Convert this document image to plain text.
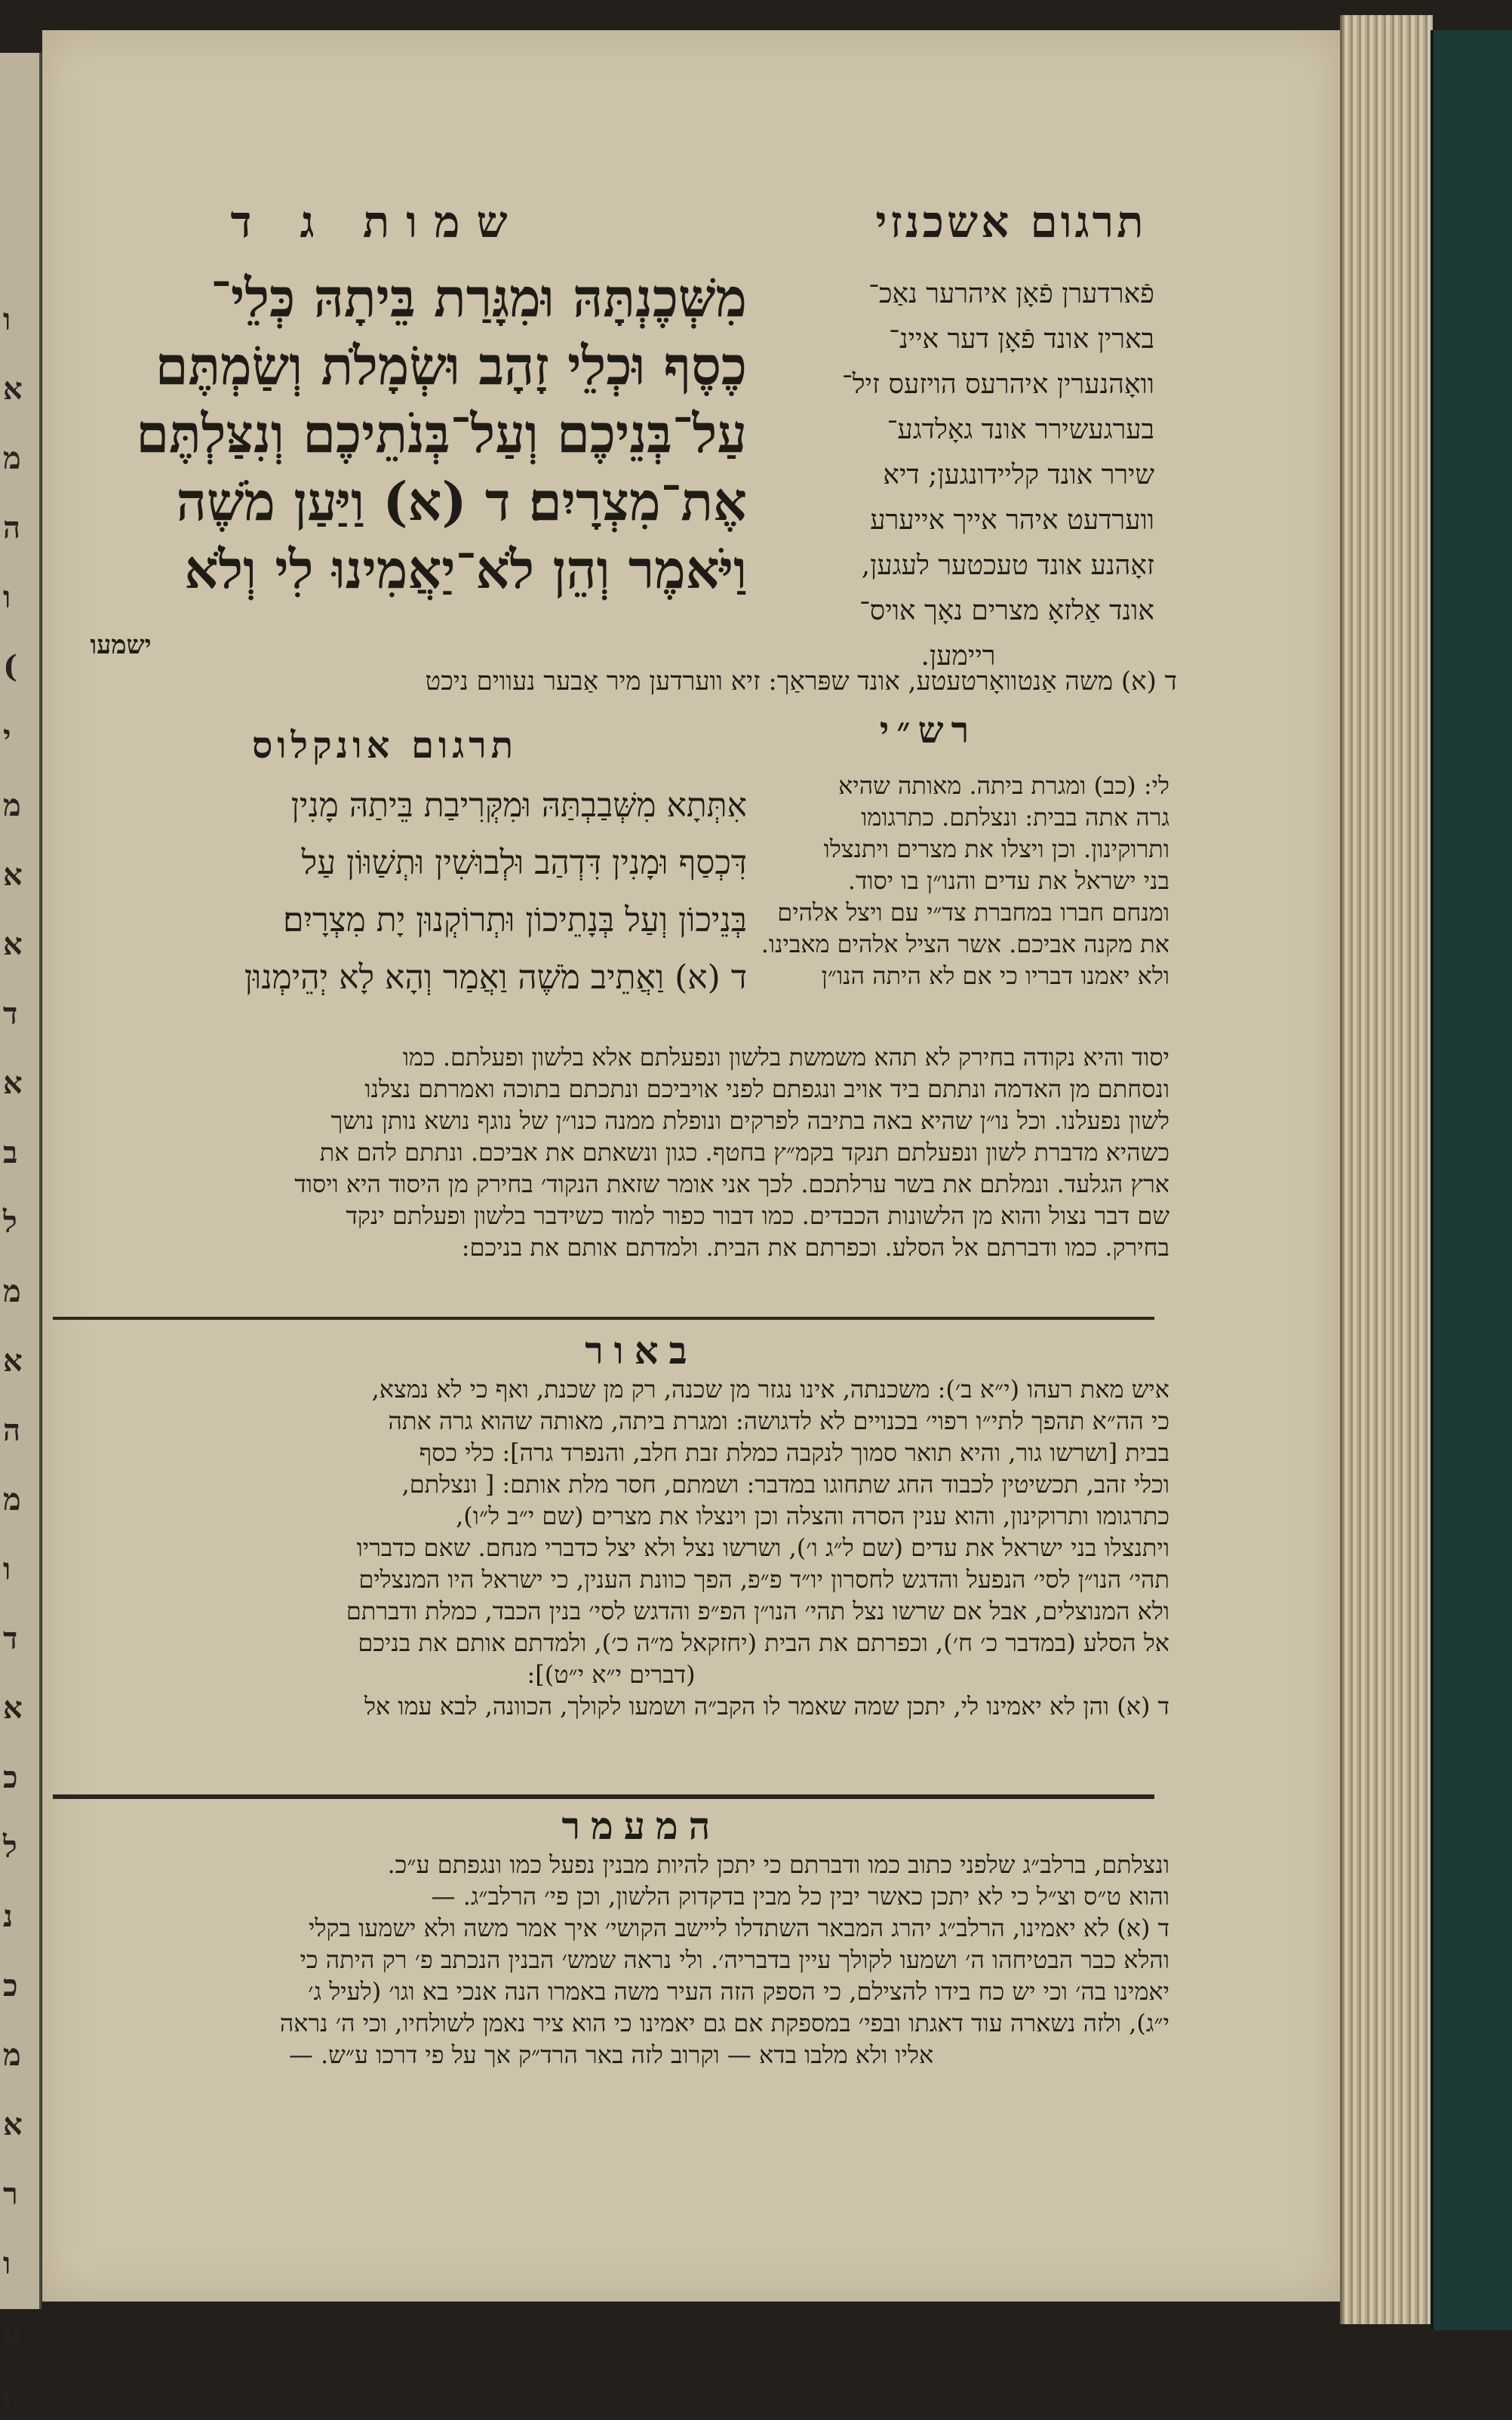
ו
א
מ
ה
ו
(
י
מ
א
א
ד
א
ב
ל
מ
א
ה
מ
ו
ד
א
כ
ל
נ
כ
מ
א
ר
ו
ע
ו
תרגום אשכנזי
שמות ג ד
פֿארדערן פֿאָן איהרער נאַכ־
בארין אונד פֿאָן דער איינ־
וואָהנערין איהרעס הויזעס זיל־
בערגעשירר אונד גאָלדגע־
שירר אונד קליידונגען; דיא
ווערדעט איהר אייך אייערע
זאָהנע אונד טעכטער לעגען,
אונד אַלזאָ מצרים נאָך אויס־
ריימען.
מִשְּׁכֶנְתָּהּ וּמִגָּרַת בֵּיתָהּ כְּלֵי־
כֶסֶף וּכְלֵי זָהָב וּשְׂמָלֹת וְשַׂמְתֶּם
עַל־בְּנֵיכֶם וְעַל־בְּנֹתֵיכֶם וְנִצַּלְתֶּם
אֶת־מִצְרָיִם׃ ד (א) וַיַּעַן מֹשֶׁה
וַיֹּאמֶר וְהֵן לֹא־יַאֲמִינוּ לִי וְלֹא
ישמעו
ד (א) משה אַנטוואָרטעטע, אונד שפּראַך: זיא ווערדען מיר אַבער נעווים ניכט
רש״י
תרגום אונקלוס
אִתְּתָא מִשְּׁבַבְתַּהּ וּמִקְּרִיבַת בֵּיתַהּ מָנִין
דִּכְסַף וּמָנִין דִּדְהַב וּלְבוּשִׁין וּתְשַׁוּוֹן עַל
בְּנֵיכוֹן וְעַל בְּנָתֵיכוֹן וּתְרוֹקְנוּן יָת מִצְרָיִם׃
ד (א) וַאֲתֵיב מֹשֶׁה וַאֲמַר וְהָא לָא יְהֵימְנוּן
לי: (כב) ומגרת ביתה. מאותה שהיא
גרה אתה בבית: ונצלתם. כתרגומו
ותרוקינון. וכן ויצלו את מצרים ויתנצלו
בני ישראל את עדים והנו״ן בו יסוד.
ומנחם חברו במחברת צד״י עם ויצל אלהים
את מקנה אביכם. אשר הציל אלהים מאבינו.
ולא יאמנו דבריו כי אם לא היתה הנו״ן
יסוד והיא נקודה בחירק לא תהא משמשת בלשון ונפעלתם אלא בלשון ופעלתם. כמו
ונסחתם מן האדמה ונתתם ביד אויב ונגפתם לפני אויביכם ונתכתם בתוכה ואמרתם נצלנו
לשון נפעלנו. וכל נו״ן שהיא באה בתיבה לפרקים ונופלת ממנה כנו״ן של נוגף נושא נותן נושך
כשהיא מדברת לשון ונפעלתם תנקד בקמ״ץ בחטף. כגון ונשאתם את אביכם. ונתתם להם את
ארץ הגלעד. ונמלתם את בשר ערלתכם. לכך אני אומר שזאת הנקוד׳ בחירק מן היסוד היא ויסוד
שם דבר נצול והוא מן הלשונות הכבדים. כמו דבור כפור למוד כשידבר בלשון ופעלתם ינקד
בחירק. כמו ודברתם אל הסלע. וכפרתם את הבית. ולמדתם אותם את בניכם:
באור
איש מאת רעהו (י״א ב׳): משכנתה, אינו נגזר מן שכנה, רק מן שכנת, ואף כי לא נמצא,
כי הה״א תהפך לתי״ו רפוי׳ בכנויים לא לדגושה: ומגרת ביתה, מאותה שהוא גרה אתה
בבית [ושרשו גור, והיא תואר סמוך לנקבה כמלת זבת חלב, והנפרד גרה]: כלי כסף
וכלי זהב, תכשיטין לכבוד החג שתחוגו במדבר: ושמתם, חסר מלת אותם: [ ונצלתם,
כתרגומו ותרוקינון, והוא ענין הסרה והצלה וכן וינצלו את מצרים (שם י״ב ל״ו),
ויתנצלו בני ישראל את עדים (שם ל״ג ו׳), ושרשו נצל ולא יצל כדברי מנחם. שאם כדבריו
תהי׳ הנו״ן לסי׳ הנפעל והדגש לחסרון יו״ד פ״פ, הפך כוונת הענין, כי ישראל היו המנצלים
ולא המנוצלים, אבל אם שרשו נצל תהי׳ הנו״ן הפ״פ והדגש לסי׳ בנין הכבד, כמלת ודברתם
אל הסלע (במדבר כ׳ ח׳), וכפרתם את הבית (יחזקאל מ״ה כ׳), ולמדתם אותם את בניכם
(דברים י״א י״ט)]:
ד (א) והן לא יאמינו לי, יתכן שמה שאמר לו הקב״ה ושמעו לקולך, הכוונה, לבא עמו אל
המעמר
ונצלתם, ברלב״ג שלפני כתוב כמו ודברתם כי יתכן להיות מבנין נפעל כמו ונגפתם ע״כ.
והוא ט״ס וצ״ל כי לא יתכן כאשר יבין כל מבין בדקדוק הלשון, וכן פי׳ הרלב״ג. —
ד (א) לא יאמינו, הרלב״ג יהרג המבאר השתדלו ליישב הקושי׳ איך אמר משה ולא ישמעו בקלי
והלא כבר הבטיחהו ה׳ ושמעו לקולך עיין בדבריה׳. ולי נראה שמש׳ הבנין הנכתב פ׳ רק היתה כי
יאמינו בה׳ וכי יש כח בידו להצילם, כי הספק הזה העיר משה באמרו הנה אנכי בא וגו׳ (לעיל ג׳
י״ג), ולזה נשארה עוד דאגתו ובפי׳ במספקת אם גם יאמינו כי הוא ציר נאמן לשולחיו, וכי ה׳ נראה
אליו ולא מלבו בדא — וקרוב לזה באר הרד״ק אך על פי דרכו ע״ש. —
